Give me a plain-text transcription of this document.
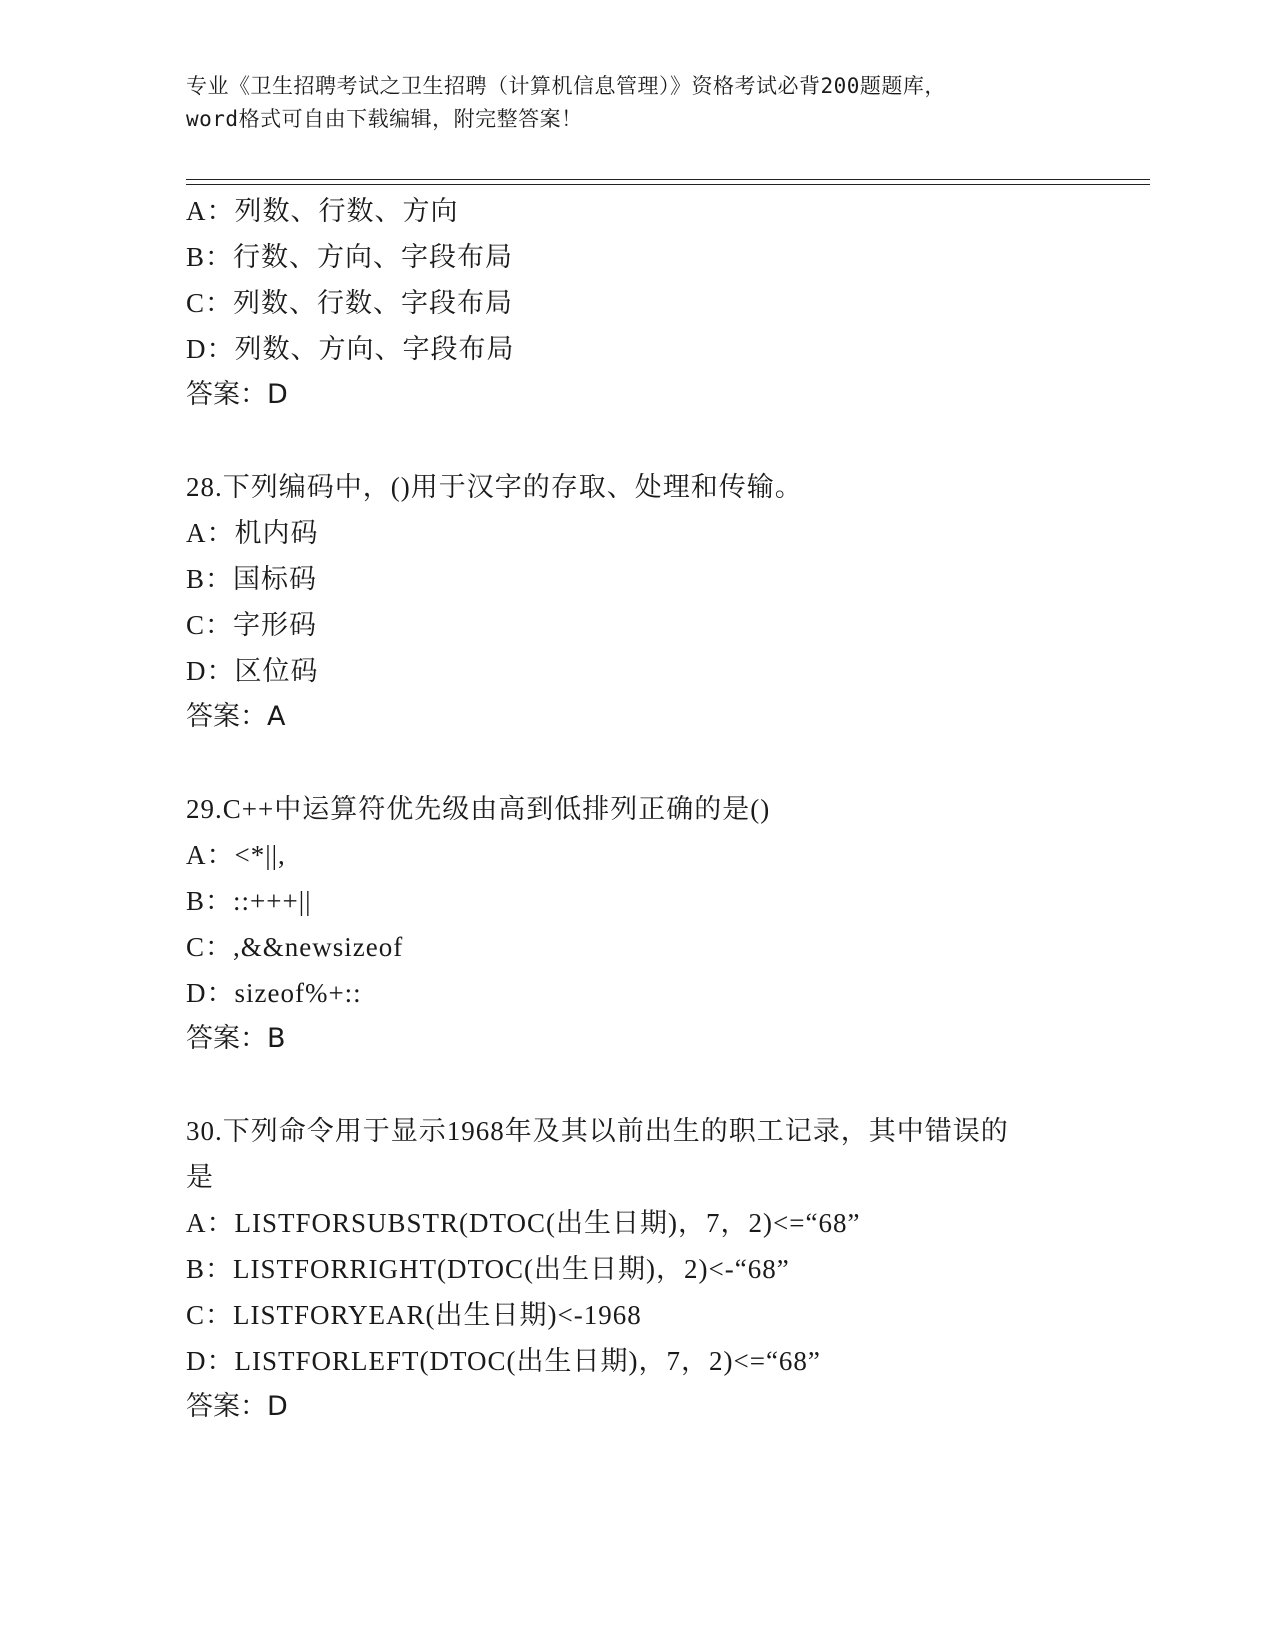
专业《卫生招聘考试之卫生招聘（计算机信息管理）》资格考试必背200题题库，
word格式可自由下载编辑，附完整答案！
A：列数、行数、方向
B：行数、方向、字段布局
C：列数、行数、字段布局
D：列数、方向、字段布局
答案：D
28.下列编码中，()用于汉字的存取、处理和传输。
A：机内码
B：国标码
C：字形码
D：区位码
答案：A
29.C++中运算符优先级由高到低排列正确的是()
A：<*||,
B：::+++||
C：,&&newsizeof
D：sizeof%+::
答案：B
30.下列命令用于显示1968年及其以前出生的职工记录，其中错误的
是
A：LISTFORSUBSTR(DTOC(出生日期)，7，2)<=“68”
B：LISTFORRIGHT(DTOC(出生日期)，2)<-“68”
C：LISTFORYEAR(出生日期)<-1968
D：LISTFORLEFT(DTOC(出生日期)，7，2)<=“68”
答案：D
